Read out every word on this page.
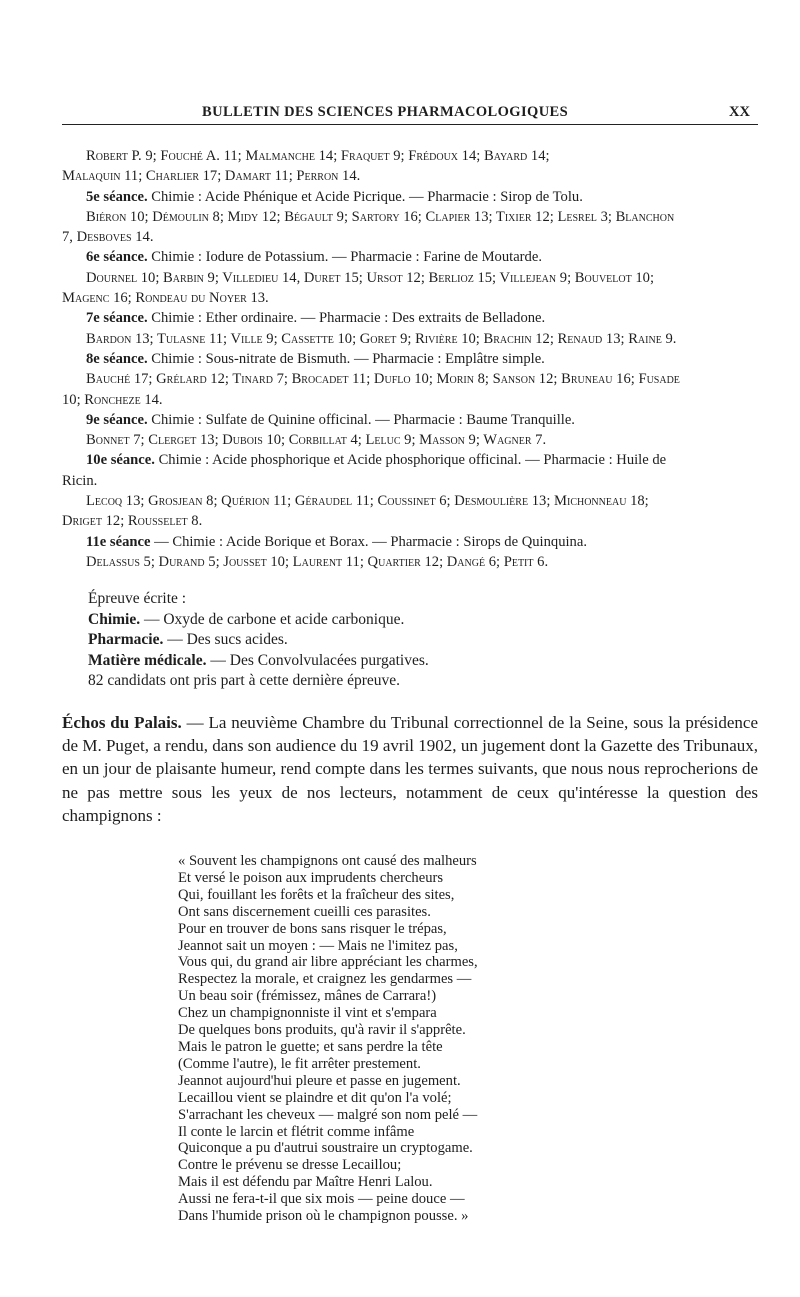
BULLETIN DES SCIENCES PHARMACOLOGIQUES	XX

Robert P. 9; Fouché A. 11; Malmanche 14; Fraquet 9; Frédoux 14; Bayard 14;

Malaquin 11; Charlier 17; Damart 11; Perron 14.

5e séance. Chimie : Acide Phénique et Acide Picrique. — Pharmacie : Sirop de Tolu.

Biéron 10; Démoulin 8; Midy 12; Bégault 9; Sartory 16; Clapier 13; Tixier 12; Lesrel 3; Blanchon 7, Desboves 14.

6e séance. Chimie : Iodure de Potassium. — Pharmacie : Farine de Moutarde.

Dournel 10; Barbin 9; Villedieu 14, Duret 15; Ursot 12; Berlioz 15; Villejean 9; Bouvelot 10; Magenc 16; Rondeau du Noyer 13.

7e séance. Chimie : Ether ordinaire. — Pharmacie : Des extraits de Belladone.

Bardon 13; Tulasne 11; Ville 9; Cassette 10; Goret 9; Rivière 10; Brachin 12; Renaud 13; Raine 9.

8e séance. Chimie : Sous-nitrate de Bismuth. — Pharmacie : Emplâtre simple.

Bauché 17; Grélard 12; Tinard 7; Brocadet 11; Duflo 10; Morin 8; Sanson 12; Bruneau 16; Fusade 10; Roncheze 14.

9e séance. Chimie : Sulfate de Quinine officinal. — Pharmacie : Baume Tranquille.

Bonnet 7; Clerget 13; Dubois 10; Corbillat 4; Leluc 9; Masson 9; Wagner 7.

10e séance. Chimie : Acide phosphorique et Acide phosphorique officinal. — Pharmacie : Huile de Ricin.

Lecoq 13; Grosjean 8; Quérion 11; Géraudel 11; Coussinet 6; Desmoulière 13; Michonneau 18; Driget 12; Rousselet 8.

11e séance — Chimie : Acide Borique et Borax. — Pharmacie : Sirops de Quinquina.

Delassus 5; Durand 5; Jousset 10; Laurent 11; Quartier 12; Dangé 6; Petit 6.

Épreuve écrite :

Chimie. — Oxyde de carbone et acide carbonique.

Pharmacie. — Des sucs acides.

Matière médicale. — Des Convolvulacées purgatives.

82 candidats ont pris part à cette dernière épreuve.

Échos du Palais. — La neuvième Chambre du Tribunal correctionnel de la Seine, sous la présidence de M. Puget, a rendu, dans son audience du 19 avril 1902, un jugement dont la Gazette des Tribunaux, en un jour de plaisante humeur, rend compte dans les termes suivants, que nous nous reprocherions de ne pas mettre sous les yeux de nos lecteurs, notamment de ceux qu'intéresse la question des champignons :

« Souvent les champignons ont causé des malheurs
Et versé le poison aux imprudents chercheurs
Qui, fouillant les forêts et la fraîcheur des sites,
Ont sans discernement cueilli ces parasites.
Pour en trouver de bons sans risquer le trépas,
Jeannot sait un moyen : — Mais ne l'imitez pas,
Vous qui, du grand air libre appréciant les charmes,
Respectez la morale, et craignez les gendarmes —
Un beau soir (frémissez, mânes de Carrara!)
Chez un champignonniste il vint et s'empara
De quelques bons produits, qu'à ravir il s'apprête.
Mais le patron le guette; et sans perdre la tête
(Comme l'autre), le fit arrêter prestement.
Jeannot aujourd'hui pleure et passe en jugement.
Lecaillou vient se plaindre et dit qu'on l'a volé;
S'arrachant les cheveux — malgré son nom pelé —
Il conte le larcin et flétrit comme infâme
Quiconque a pu d'autrui soustraire un cryptogame.
Contre le prévenu se dresse Lecaillou;
Mais il est défendu par Maître Henri Lalou.
Aussi ne fera-t-il que six mois — peine douce —
Dans l'humide prison où le champignon pousse. »
